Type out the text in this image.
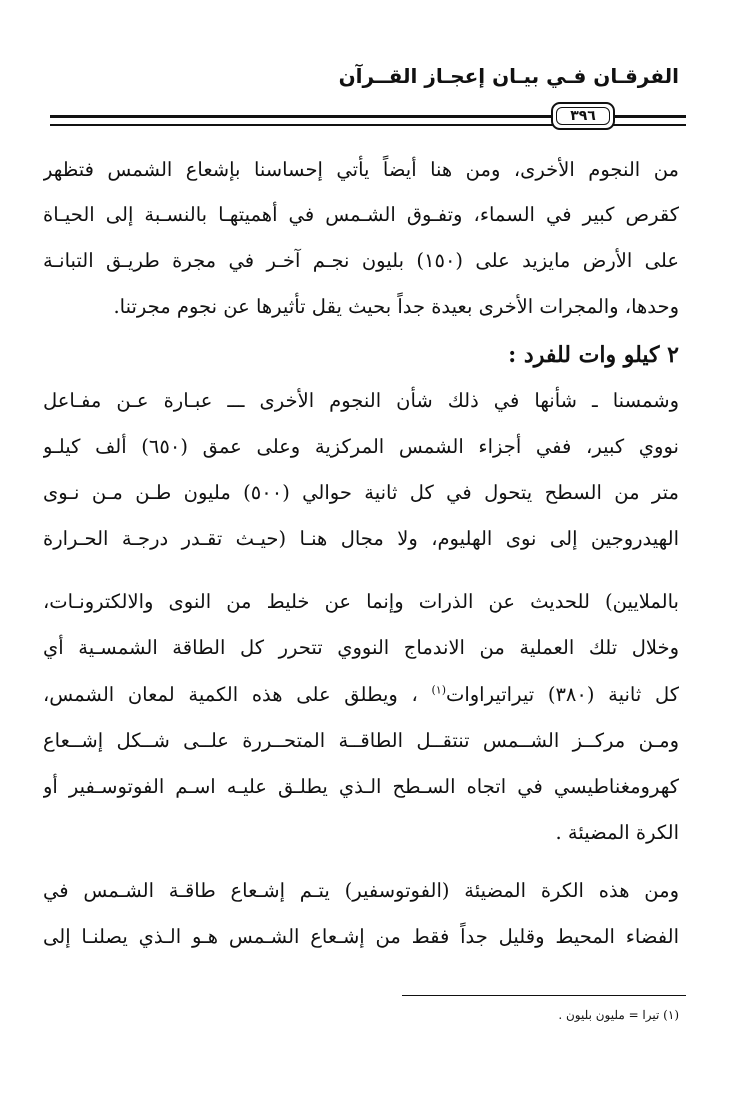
الفرقـان فـي بيـان إعجـاز القــرآن
٣٩٦
من النجوم الأخرى، ومن هنا أيضاً يأتي إحساسنا بإشعاع الشمس فتظهر
كقرص كبير في السماء، وتفـوق الشـمس في أهميتهـا بالنسـبة إلى الحيـاة
على الأرض مايزيد على (١٥٠) بليون نجـم آخـر في مجرة طريـق التبانـة
وحدها، والمجرات الأخرى بعيدة جداً بحيث يقل تأثيرها عن نجوم مجرتنا.
٢ كيلو وات للفرد :
وشمسنا ـ شأنها في ذلك شأن النجوم الأخرى ـــ عبـارة عـن مفـاعل
نووي كبير، ففي أجزاء الشمس المركزية وعلى عمق (٦٥٠) ألف كيلـو
متر من السطح يتحول في كل ثانية حوالي (٥٠٠) مليون طـن مـن نـوى
الهيدروجين إلى نوى الهليوم، ولا مجال هنـا (حيـث تقـدر درجـة الحـرارة
بالملايين) للحديث عن الذرات وإنما عن خليط من النوى والالكترونـات،
وخلال تلك العملية من الاندماج النووي تتحرر كل الطاقة الشمسـية أي
كل ثانية (٣٨٠) تيراتيراوات$^{(١)}$ ، ويطلق على هذه الكمية لمعان الشمس،
ومـن مركــز الشــمس تنتقــل الطاقــة المتحــررة علــى شــكل إشــعاع
كهرومغناطيسي في اتجاه السـطح الـذي يطلـق عليـه اسـم الفوتوسـفير أو
الكرة المضيئة .
ومن هذه الكرة المضيئة (الفوتوسفير) يتـم إشـعاع طاقـة الشـمس في
الفضاء المحيط وقليل جداً فقط من إشـعاع الشـمس هـو الـذي يصلنـا إلى
(١) تيرا = مليون بليون .
